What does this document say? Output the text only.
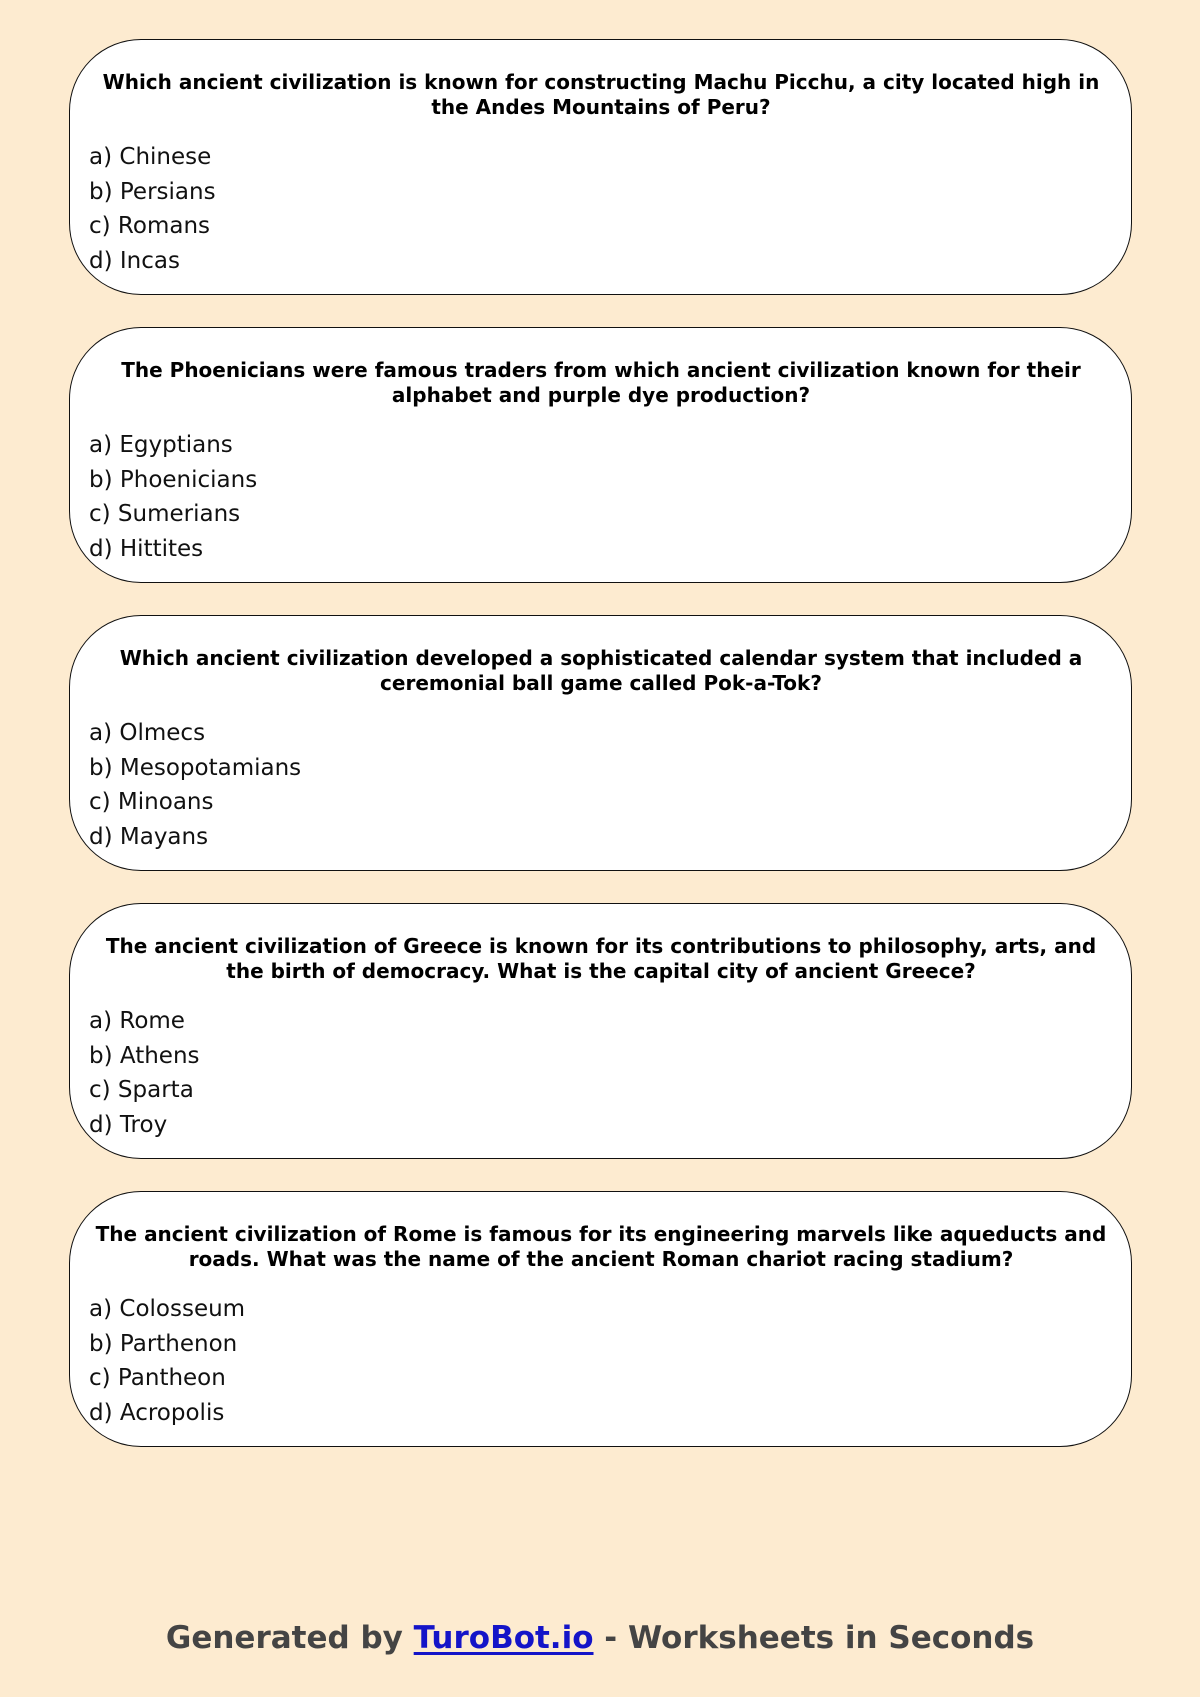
Which ancient civilization is known for constructing Machu Picchu, a city located high in the Andes Mountains of Peru?
a) Chinese
b) Persians
c) Romans
d) Incas
The Phoenicians were famous traders from which ancient civilization known for their alphabet and purple dye production?
a) Egyptians
b) Phoenicians
c) Sumerians
d) Hittites
Which ancient civilization developed a sophisticated calendar system that included a ceremonial ball game called Pok-a-Tok?
a) Olmecs
b) Mesopotamians
c) Minoans
d) Mayans
The ancient civilization of Greece is known for its contributions to philosophy, arts, and the birth of democracy. What is the capital city of ancient Greece?
a) Rome
b) Athens
c) Sparta
d) Troy
The ancient civilization of Rome is famous for its engineering marvels like aqueducts and roads. What was the name of the ancient Roman chariot racing stadium?
a) Colosseum
b) Parthenon
c) Pantheon
d) Acropolis
Generated by TuroBot.io - Worksheets in Seconds
